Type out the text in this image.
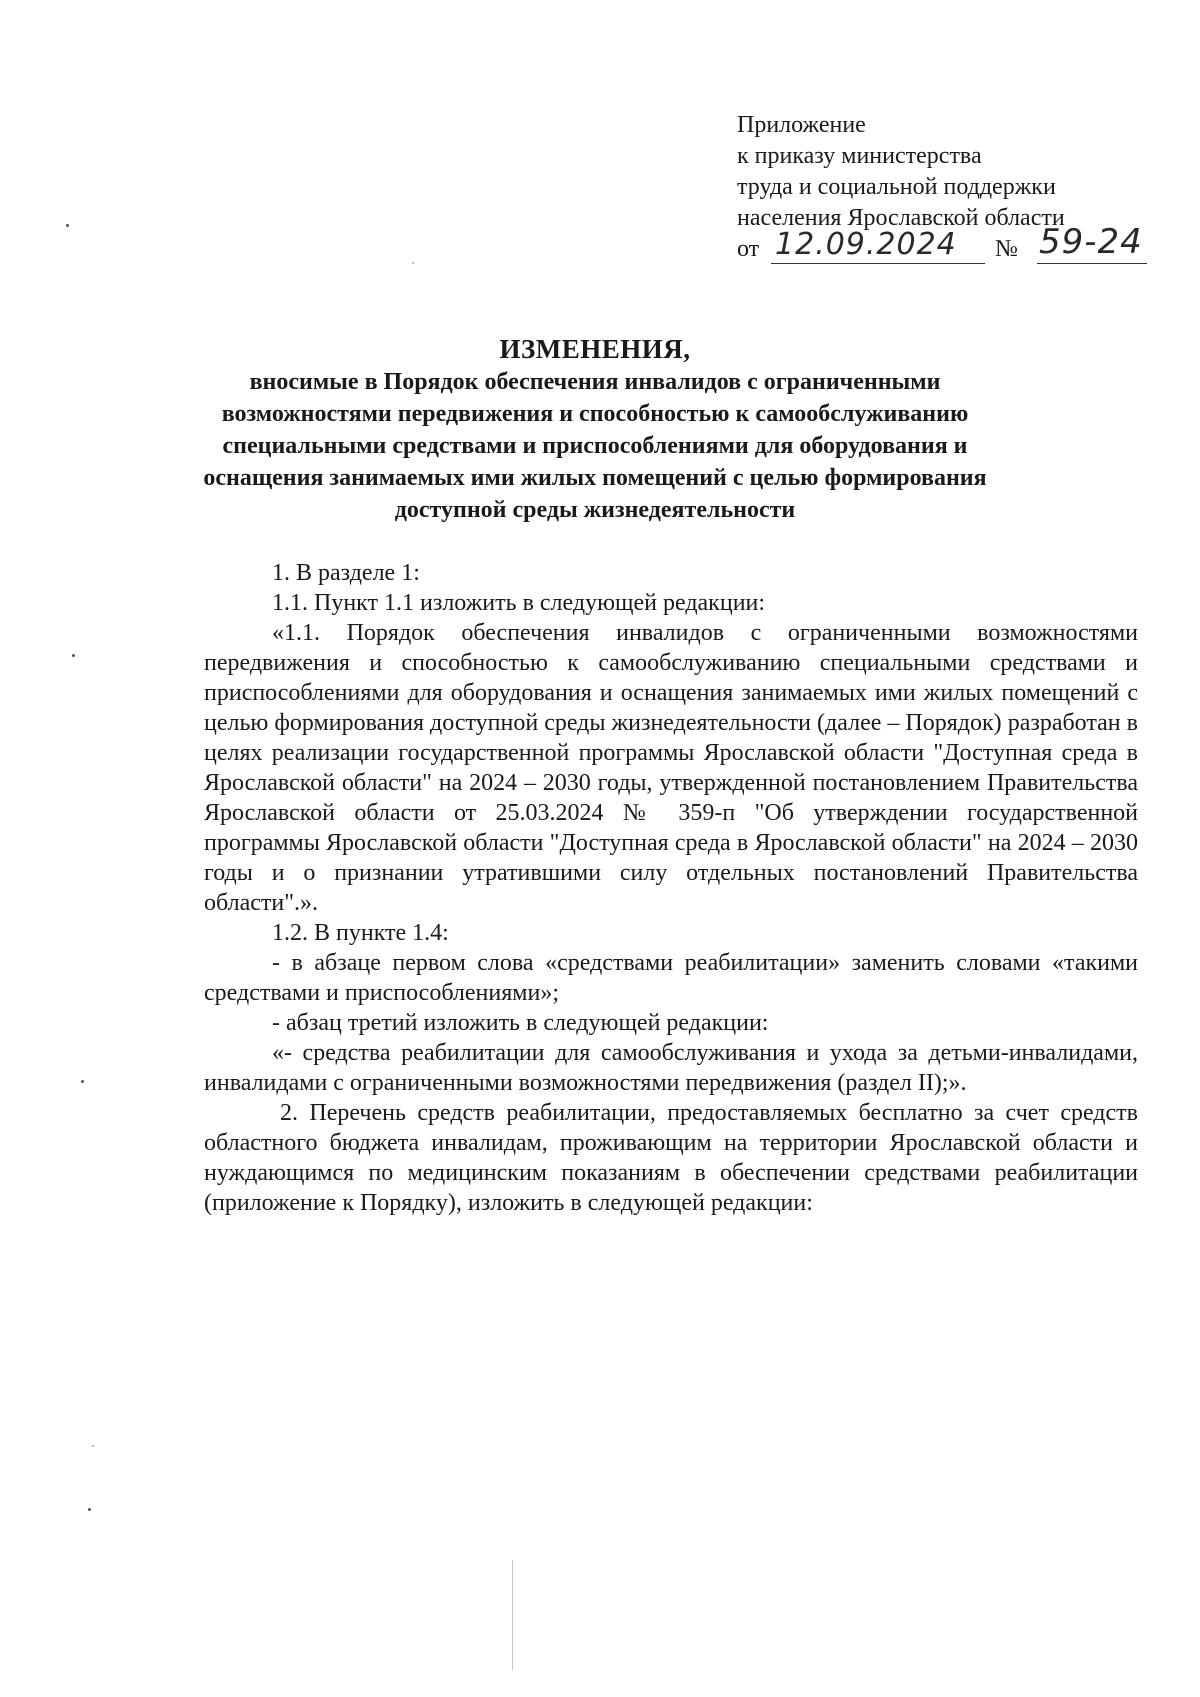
Приложение
к приказу министерства
труда и социальной поддержки
населения Ярославской области
от 12.09.2024 № 59-24
ИЗМЕНЕНИЯ,
вносимые в Порядок обеспечения инвалидов с ограниченными возможностями передвижения и способностью к самообслуживанию специальными средствами и приспособлениями для оборудования и оснащения занимаемых ими жилых помещений с целью формирования доступной среды жизнедеятельности

1. В разделе 1:

1.1. Пункт 1.1 изложить в следующей редакции:

«1.1. Порядок обеспечения инвалидов с ограниченными возможностями передвижения и способностью к самообслуживанию специальными средствами и приспособлениями для оборудования и оснащения занимаемых ими жилых помещений с целью формирования доступной среды жизнедеятельности (далее – Порядок) разработан в целях реализации государственной программы Ярославской области "Доступная среда в Ярославской области" на 2024 – 2030 годы, утвержденной постановлением Правительства Ярославской области от 25.03.2024 № 359-п "Об утверждении государственной программы Ярославской области "Доступная среда в Ярославской области" на 2024 – 2030 годы и о признании утратившими силу отдельных постановлений Правительства области".».

1.2. В пункте 1.4:

- в абзаце первом слова «средствами реабилитации» заменить словами «такими средствами и приспособлениями»;

- абзац третий изложить в следующей редакции:

«- средства реабилитации для самообслуживания и ухода за детьми-инвалидами, инвалидами с ограниченными возможностями передвижения (раздел II);».

2. Перечень средств реабилитации, предоставляемых бесплатно за счет средств областного бюджета инвалидам, проживающим на территории Ярославской области и нуждающимся по медицинским показаниям в обеспечении средствами реабилитации (приложение к Порядку), изложить в следующей редакции:
